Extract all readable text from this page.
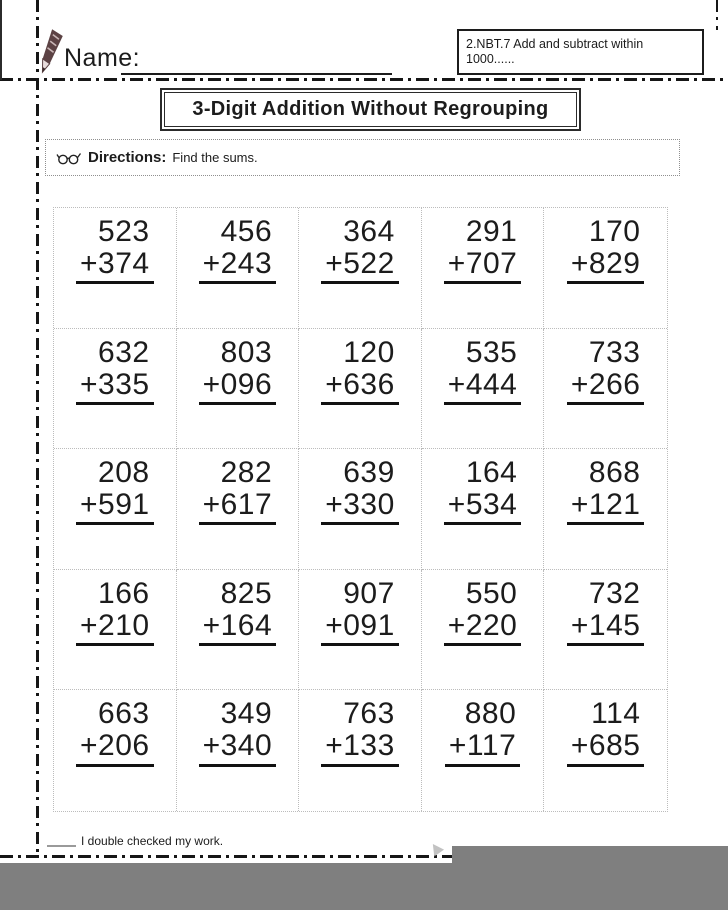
Name:	2.NBT.7 Add and subtract within 1000......
3-Digit Addition Without Regrouping
Directions: Find the sums.
523
+374
456
+243
364
+522
291
+707
170
+829
632
+335
803
+096
120
+636
535
+444
733
+266
208
+591
282
+617
639
+330
164
+534
868
+121
166
+210
825
+164
907
+091
550
+220
732
+145
663
+206
349
+340
763
+133
880
+117
114
+685
I double checked my work.
